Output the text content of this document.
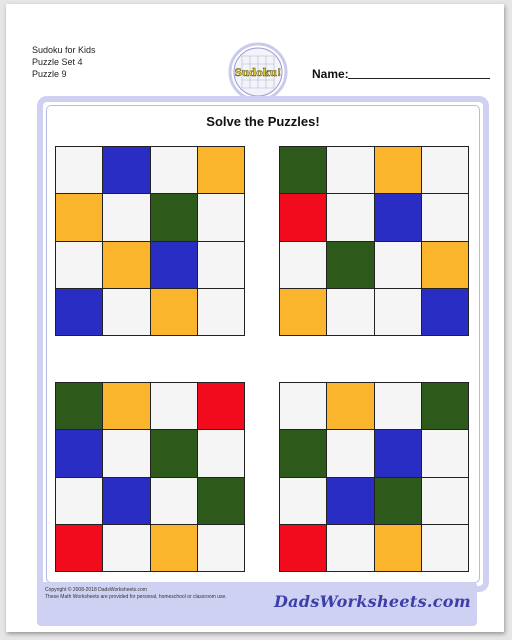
Sudoku for Kids
Puzzle Set 4
Puzzle 9	Sudoku!	Name:
Solve the Puzzles!
Copyright © 2008-2018 DadsWorksheets.com
These Math Worksheets are provided for personal, homeschool or classroom use.	DadsWorksheets.com
